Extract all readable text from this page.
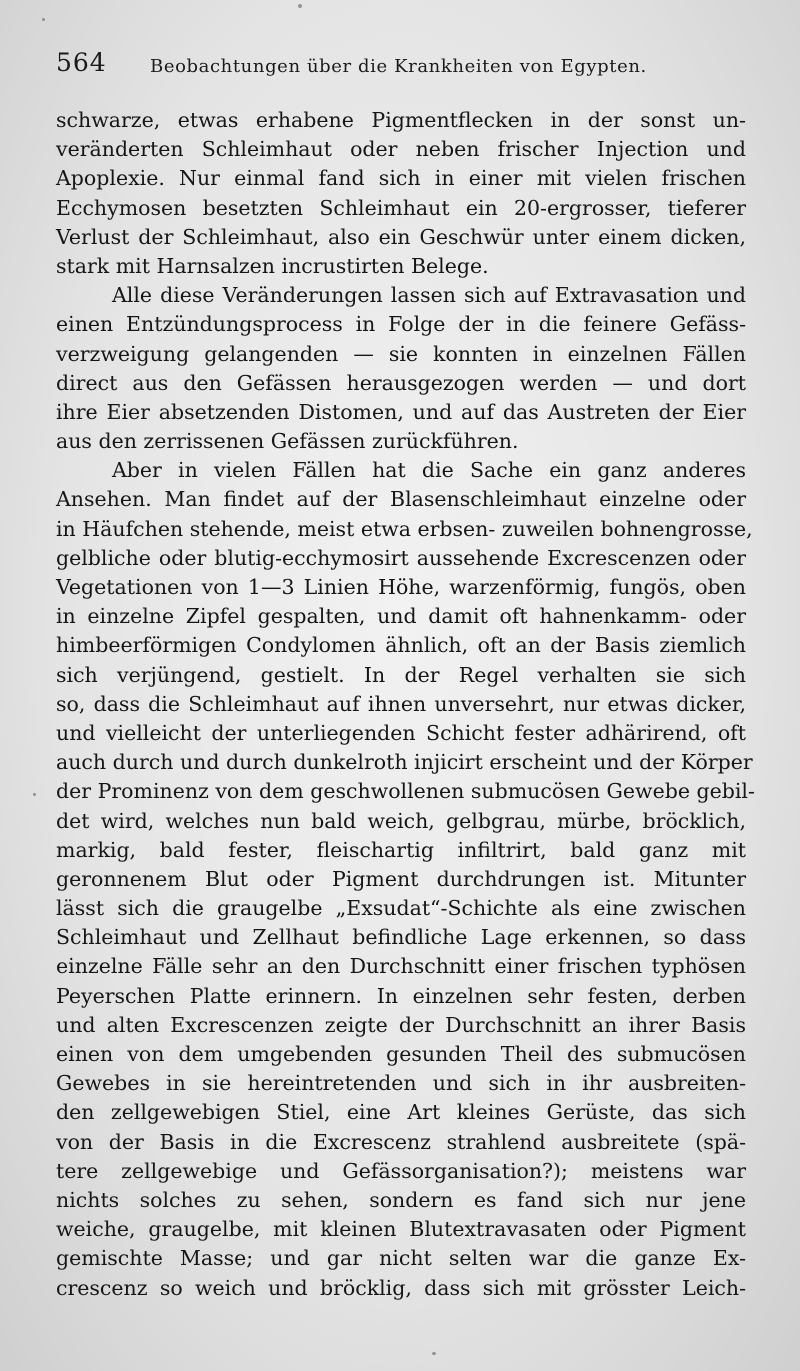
564 Beobachtungen über die Krankheiten von Egypten.
schwarze, etwas erhabene Pigmentflecken in der sonst un-
veränderten Schleimhaut oder neben frischer Injection und
Apoplexie. Nur einmal fand sich in einer mit vielen frischen
Ecchymosen besetzten Schleimhaut ein 20-ergrosser, tieferer
Verlust der Schleimhaut, also ein Geschwür unter einem dicken,
stark mit Harnsalzen incrustirten Belege.
Alle diese Veränderungen lassen sich auf Extravasation und
einen Entzündungsprocess in Folge der in die feinere Gefäss-
verzweigung gelangenden — sie konnten in einzelnen Fällen
direct aus den Gefässen herausgezogen werden — und dort
ihre Eier absetzenden Distomen, und auf das Austreten der Eier
aus den zerrissenen Gefässen zurückführen.
Aber in vielen Fällen hat die Sache ein ganz anderes
Ansehen. Man findet auf der Blasenschleimhaut einzelne oder
in Häufchen stehende, meist etwa erbsen- zuweilen bohnengrosse,
gelbliche oder blutig-ecchymosirt aussehende Excrescenzen oder
Vegetationen von 1—3 Linien Höhe, warzenförmig, fungös, oben
in einzelne Zipfel gespalten, und damit oft hahnenkamm- oder
himbeerförmigen Condylomen ähnlich, oft an der Basis ziemlich
sich verjüngend, gestielt. In der Regel verhalten sie sich
so, dass die Schleimhaut auf ihnen unversehrt, nur etwas dicker,
und vielleicht der unterliegenden Schicht fester adhärirend, oft
auch durch und durch dunkelroth injicirt erscheint und der Körper
der Prominenz von dem geschwollenen submucösen Gewebe gebil-
det wird, welches nun bald weich, gelbgrau, mürbe, bröcklich,
markig, bald fester, fleischartig infiltrirt, bald ganz mit
geronnenem Blut oder Pigment durchdrungen ist. Mitunter
lässt sich die graugelbe „Exsudat“-Schichte als eine zwischen
Schleimhaut und Zellhaut befindliche Lage erkennen, so dass
einzelne Fälle sehr an den Durchschnitt einer frischen typhösen
Peyerschen Platte erinnern. In einzelnen sehr festen, derben
und alten Excrescenzen zeigte der Durchschnitt an ihrer Basis
einen von dem umgebenden gesunden Theil des submucösen
Gewebes in sie hereintretenden und sich in ihr ausbreiten-
den zellgewebigen Stiel, eine Art kleines Gerüste, das sich
von der Basis in die Excrescenz strahlend ausbreitete (spä-
tere zellgewebige und Gefässorganisation?); meistens war
nichts solches zu sehen, sondern es fand sich nur jene
weiche, graugelbe, mit kleinen Blutextravasaten oder Pigment
gemischte Masse; und gar nicht selten war die ganze Ex-
crescenz so weich und bröcklig, dass sich mit grösster Leich-
